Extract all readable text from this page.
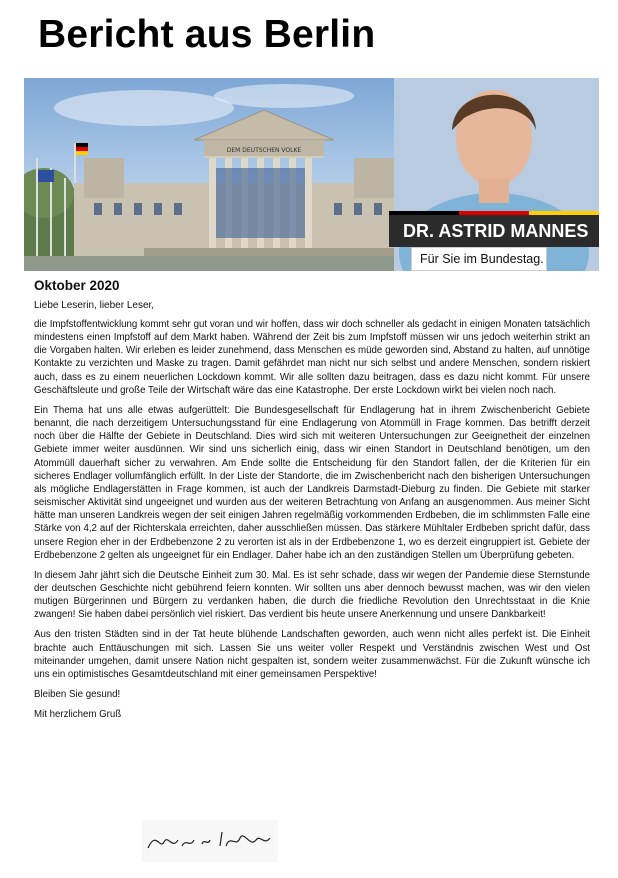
Bericht aus Berlin
DEM DEUTSCHEN VOLKE
DR. ASTRID MANNES
Für Sie im Bundestag.
Oktober 2020
Liebe Leserin, lieber Leser,

die Impfstoffentwicklung kommt sehr gut voran und wir hoffen, dass wir doch schneller als gedacht in einigen Monaten tatsächlich mindestens einen Impfstoff auf dem Markt haben. Während der Zeit bis zum Impfstoff müssen wir uns jedoch weiterhin strikt an die Vorgaben halten. Wir erleben es leider zunehmend, dass Menschen es müde geworden sind, Abstand zu halten, auf unnötige Kontakte zu verzichten und Maske zu tragen. Damit gefährdet man nicht nur sich selbst und andere Menschen, sondern riskiert auch, dass es zu einem neuerlichen Lockdown kommt. Wir alle sollten dazu beitragen, dass es dazu nicht kommt. Für unsere Geschäftsleute und große Teile der Wirtschaft wäre das eine Katastrophe. Der erste Lockdown wirkt bei vielen noch nach.

Ein Thema hat uns alle etwas aufgerüttelt: Die Bundesgesellschaft für Endlagerung hat in ihrem Zwischenbericht Gebiete benannt, die nach derzeitigem Untersuchungsstand für eine Endlagerung von Atommüll in Frage kommen. Das betrifft derzeit noch über die Hälfte der Gebiete in Deutschland. Dies wird sich mit weiteren Untersuchungen zur Geeignetheit der einzelnen Gebiete immer weiter ausdünnen. Wir sind uns sicherlich einig, dass wir einen Standort in Deutschland benötigen, um den Atommüll dauerhaft sicher zu verwahren. Am Ende sollte die Entscheidung für den Standort fallen, der die Kriterien für ein sicheres Endlager vollumfänglich erfüllt. In der Liste der Standorte, die im Zwischenbericht nach den bisherigen Untersuchungen als mögliche Endlagerstätten in Frage kommen, ist auch der Landkreis Darmstadt-Dieburg zu finden. Die Gebiete mit starker seismischer Aktivität sind ungeeignet und wurden aus der weiteren Betrachtung von Anfang an ausgenommen. Aus meiner Sicht hätte man unseren Landkreis wegen der seit einigen Jahren regelmäßig vorkommenden Erdbeben, die im schlimmsten Falle eine Stärke von 4,2 auf der Richterskala erreichten, daher ausschließen müssen. Das stärkere Mühltaler Erdbeben spricht dafür, dass unsere Region eher in der Erdbebenzone 2 zu verorten ist als in der Erdbebenzone 1, wo es derzeit eingruppiert ist. Gebiete der Erdbebenzone 2 gelten als ungeeignet für ein Endlager. Daher habe ich an den zuständigen Stellen um Überprüfung gebeten.

In diesem Jahr jährt sich die Deutsche Einheit zum 30. Mal. Es ist sehr schade, dass wir wegen der Pandemie diese Sternstunde der deutschen Geschichte nicht gebührend feiern konnten. Wir sollten uns aber dennoch bewusst machen, was wir den vielen mutigen Bürgerinnen und Bürgern zu verdanken haben, die durch die friedliche Revolution den Unrechtsstaat in die Knie zwangen! Sie haben dabei persönlich viel riskiert. Das verdient bis heute unsere Anerkennung und unsere Dankbarkeit!

Aus den tristen Städten sind in der Tat heute blühende Landschaften geworden, auch wenn nicht alles perfekt ist. Die Einheit brachte auch Enttäuschungen mit sich. Lassen Sie uns weiter voller Respekt und Verständnis zwischen West und Ost miteinander umgehen, damit unsere Nation nicht gespalten ist, sondern weiter zusammenwächst. Für die Zukunft wünsche ich uns ein optimistisches Gesamtdeutschland mit einer gemeinsamen Perspektive!

Bleiben Sie gesund!
Mit herzlichem Gruß
